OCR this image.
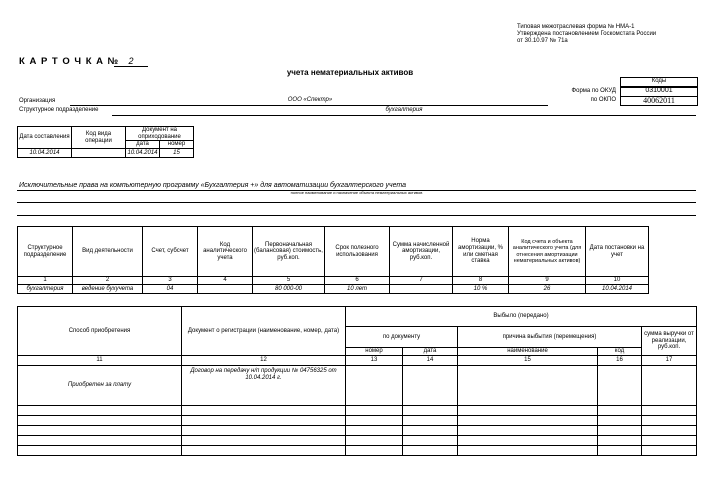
Типовая межотраслевая форма № НМА-1
Утверждена постановлением Госкомстата России
от 30.10.97 № 71а
К А Р Т О Ч К А №	2
учета нематериальных активов
Коды
Форма по ОКУД	0310001
по ОКПО	40062011
Организация	ООО «Спектр»
Структурное подразделение	бухгалтерия
Дата составления	Код вида операции	Документ на оприходование	
		дата	номер
10.04.2014		10.04.2014	15
Исключительные права на компьютерную программу «Бухгалтерия +» для автоматизации бухгалтерского учета
полное наименование и назначение объекта нематериальных активов
Структурное подразделение	Вид деятельности	Счет, субсчет	Код аналитического учета	Первоначальная (балансовая) стоимость, руб.коп.	Срок полезного использования	Сумма начисленной амортизации, руб.коп.	Норма амортизации, % или сметная ставка	Код счета и объекта аналитического учета (для отнесения амортизации нематериальных активов)	Дата постановки на учет
1	2	3	4	5	6	7	8	9	10
бухгалтерия	ведение бухучета	04		80 000-00	10 лет		10 %	26	10.04.2014
Способ приобретения	Документ о регистрации (наименование, номер, дата)	Выбыло (передано)				
		по документу		причина выбытия (перемещения)		сумма выручки от реализации, руб.коп.
		номер	дата	наименование	код	
11	12	13	14	15	16	17
Приобретен за плату	Договор на передачу н/п продукции № 04756325 от 10.04.2014 г.					
